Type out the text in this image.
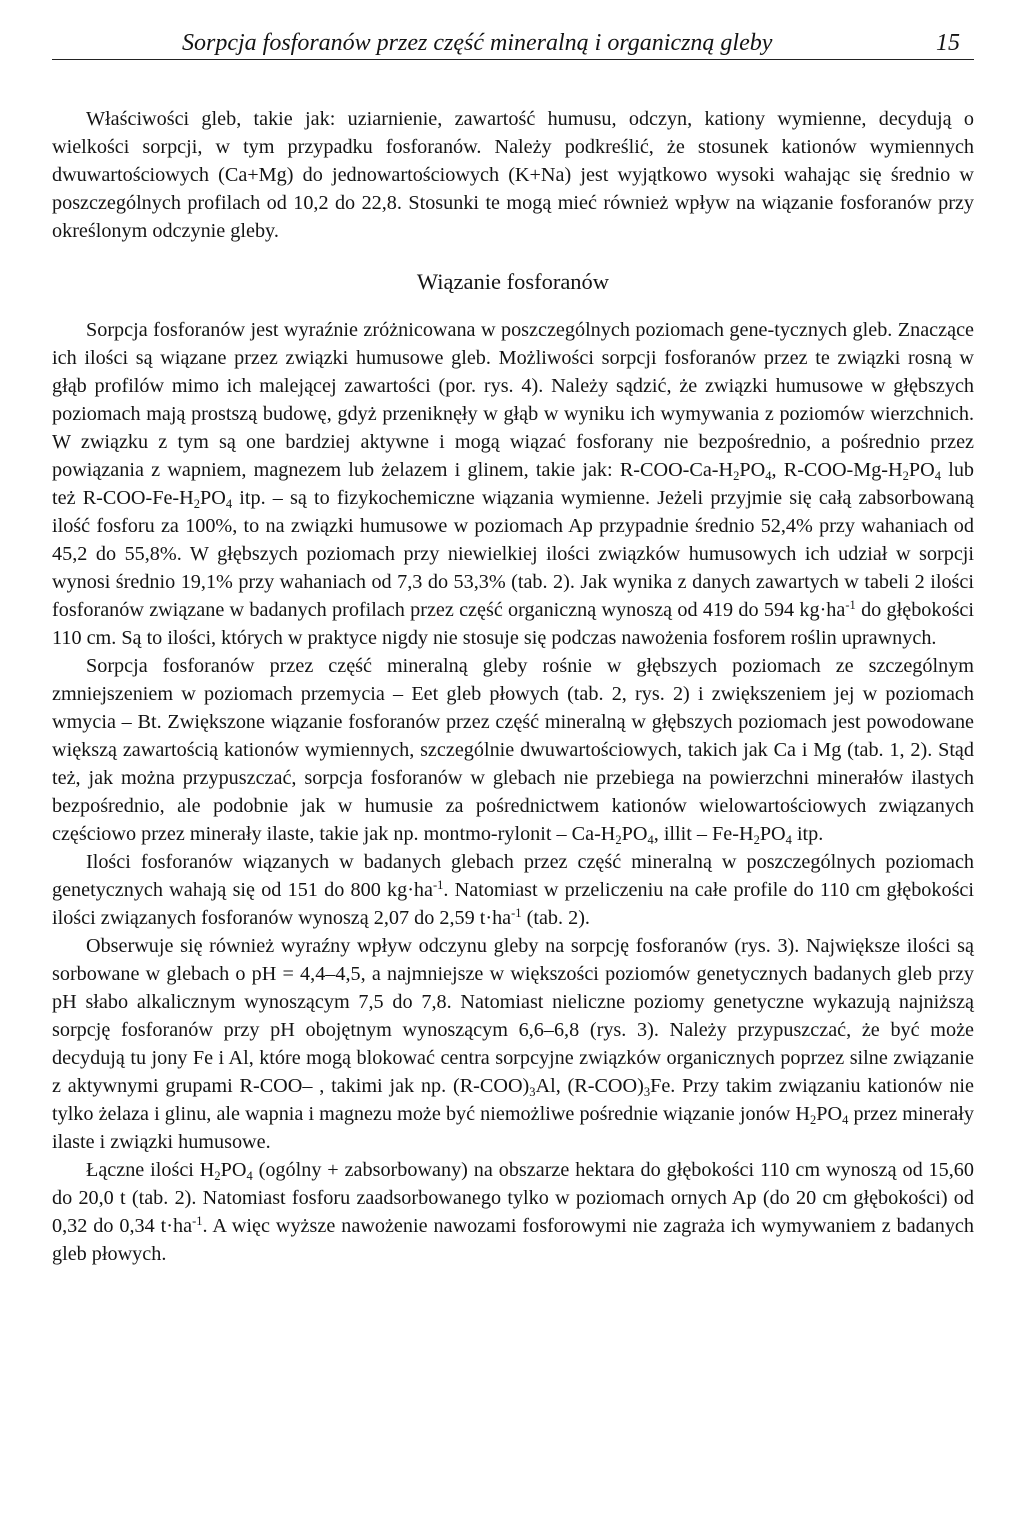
Sorpcja fosforanów przez część mineralną i organiczną gleby	15

Właściwości gleb, takie jak: uziarnienie, zawartość humusu, odczyn, kationy wymienne, decydują o wielkości sorpcji, w tym przypadku fosforanów. Należy podkreślić, że stosunek kationów wymiennych dwuwartościowych (Ca+Mg) do jednowartościowych (K+Na) jest wyjątkowo wysoki wahając się średnio w poszczególnych profilach od 10,2 do 22,8. Stosunki te mogą mieć również wpływ na wiązanie fosforanów przy określonym odczynie gleby.

Wiązanie fosforanów

Sorpcja fosforanów jest wyraźnie zróżnicowana w poszczególnych poziomach gene-tycznych gleb. Znaczące ich ilości są wiązane przez związki humusowe gleb. Możliwości sorpcji fosforanów przez te związki rosną w głąb profilów mimo ich malejącej zawartości (por. rys. 4). Należy sądzić, że związki humusowe w głębszych poziomach mają prostszą budowę, gdyż przeniknęły w głąb w wyniku ich wymywania z poziomów wierzchnich. W związku z tym są one bardziej aktywne i mogą wiązać fosforany nie bezpośrednio, a pośrednio przez powiązania z wapniem, magnezem lub żelazem i glinem, takie jak: $R-COO-Ca-H_2PO_4$, $R-COO-Mg-H_2PO_4$ lub też $R-COO-Fe-H_2PO_4$ itp. – są to fizykochemiczne wiązania wymienne. Jeżeli przyjmie się całą zabsorbowaną ilość fosforu za 100%, to na związki humusowe w poziomach Ap przypadnie średnio 52,4% przy wahaniach od 45,2 do 55,8%. W głębszych poziomach przy niewielkiej ilości związków humusowych ich udział w sorpcji wynosi średnio 19,1% przy wahaniach od 7,3 do 53,3% (tab. 2). Jak wynika z danych zawartych w tabeli 2 ilości fosforanów związane w badanych profilach przez część organiczną wynoszą od 419 do 594 $kg\cdot ha^{-1}$ do głębokości 110 cm. Są to ilości, których w praktyce nigdy nie stosuje się podczas nawożenia fosforem roślin uprawnych.

Sorpcja fosforanów przez część mineralną gleby rośnie w głębszych poziomach ze szczególnym zmniejszeniem w poziomach przemycia – Eet gleb płowych (tab. 2, rys. 2) i zwiększeniem jej w poziomach wmycia – Bt. Zwiększone wiązanie fosforanów przez część mineralną w głębszych poziomach jest powodowane większą zawartością kationów wymiennych, szczególnie dwuwartościowych, takich jak Ca i Mg (tab. 1, 2). Stąd też, jak można przypuszczać, sorpcja fosforanów w glebach nie przebiega na powierzchni minerałów ilastych bezpośrednio, ale podobnie jak w humusie za pośrednictwem kationów wielowartościowych związanych częściowo przez minerały ilaste, takie jak np. montmo-rylonit – $Ca-H_2PO_4$, illit – $Fe-H_2PO_4$ itp.

Ilości fosforanów wiązanych w badanych glebach przez część mineralną w poszczególnych poziomach genetycznych wahają się od 151 do 800 $kg\cdot ha^{-1}$. Natomiast w przeliczeniu na całe profile do 110 cm głębokości ilości związanych fosforanów wynoszą 2,07 do 2,59 $t\cdot ha^{-1}$ (tab. 2).

Obserwuje się również wyraźny wpływ odczynu gleby na sorpcję fosforanów (rys. 3). Największe ilości są sorbowane w glebach o pH = 4,4–4,5, a najmniejsze w większości poziomów genetycznych badanych gleb przy pH słabo alkalicznym wynoszącym 7,5 do 7,8. Natomiast nieliczne poziomy genetyczne wykazują najniższą sorpcję fosforanów przy pH obojętnym wynoszącym 6,6–6,8 (rys. 3). Należy przypuszczać, że być może decydują tu jony Fe i Al, które mogą blokować centra sorpcyjne związków organicznych poprzez silne związanie z aktywnymi grupami R-COO– , takimi jak np. $(R-COO)_3Al$, $(R-COO)_3Fe$. Przy takim związaniu kationów nie tylko żelaza i glinu, ale wapnia i magnezu może być niemożliwe pośrednie wiązanie jonów $H_2PO_4$ przez minerały ilaste i związki humusowe.

Łączne ilości $H_2PO_4$ (ogólny + zabsorbowany) na obszarze hektara do głębokości 110 cm wynoszą od 15,60 do 20,0 t (tab. 2). Natomiast fosforu zaadsorbowanego tylko w poziomach ornych Ap (do 20 cm głębokości) od 0,32 do 0,34 $t\cdot ha^{-1}$. A więc wyższe nawożenie nawozami fosforowymi nie zagraża ich wymywaniem z badanych gleb płowych.
